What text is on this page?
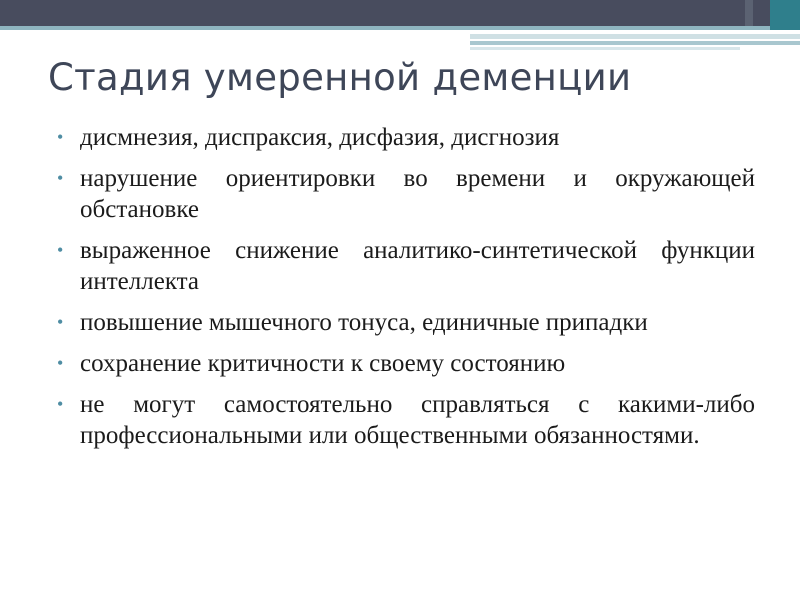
Стадия умеренной деменции
• дисмнезия, диспраксия, дисфазия, дисгнозия
• нарушение ориентировки во времени и окружающей обстановке
• выраженное снижение аналитико-синтетической функции интеллекта
• повышение мышечного тонуса, единичные припадки
• сохранение критичности к своему состоянию
• не могут самостоятельно справляться с какими-либо профессиональными или общественными обязанностями.
